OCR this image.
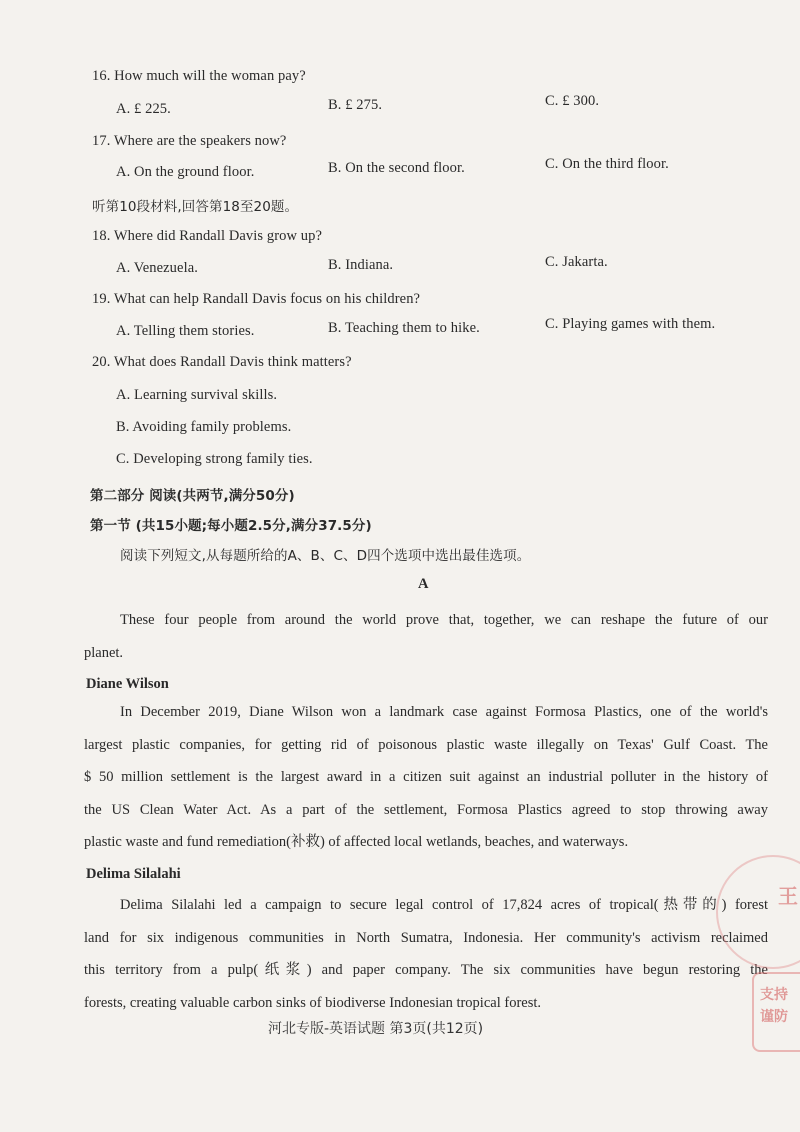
16. How much will the woman pay?
A. £ 225.	B. £ 275.	C. £ 300.
17. Where are the speakers now?
A. On the ground floor.	B. On the second floor.	C. On the third floor.
听第10段材料,回答第18至20题。
18. Where did Randall Davis grow up?
A. Venezuela.	B. Indiana.	C. Jakarta.
19. What can help Randall Davis focus on his children?
A. Telling them stories.	B. Teaching them to hike.	C. Playing games with them.
20. What does Randall Davis think matters?
A. Learning survival skills.
B. Avoiding family problems.
C. Developing strong family ties.
第二部分 阅读(共两节,满分50分)
第一节 (共15小题;每小题2.5分,满分37.5分)
阅读下列短文,从每题所给的A、B、C、D四个选项中选出最佳选项。
A
These four people from around the world prove that, together, we can reshape the future of our
planet.
Diane Wilson
In December 2019, Diane Wilson won a landmark case against Formosa Plastics, one of the world's
largest plastic companies, for getting rid of poisonous plastic waste illegally on Texas' Gulf Coast. The
$ 50 million settlement is the largest award in a citizen suit against an industrial polluter in the history of
the US Clean Water Act. As a part of the settlement, Formosa Plastics agreed to stop throwing away
plastic waste and fund remediation(补救) of affected local wetlands, beaches, and waterways.
Delima Silalahi
Delima Silalahi led a campaign to secure legal control of 17,824 acres of tropical(热带的) forest
land for six indigenous communities in North Sumatra, Indonesia. Her community's activism reclaimed
this territory from a pulp(纸浆) and paper company. The six communities have begun restoring the
forests, creating valuable carbon sinks of biodiverse Indonesian tropical forest.
河北专版-英语试题 第3页(共12页)
王
支持
谨防
